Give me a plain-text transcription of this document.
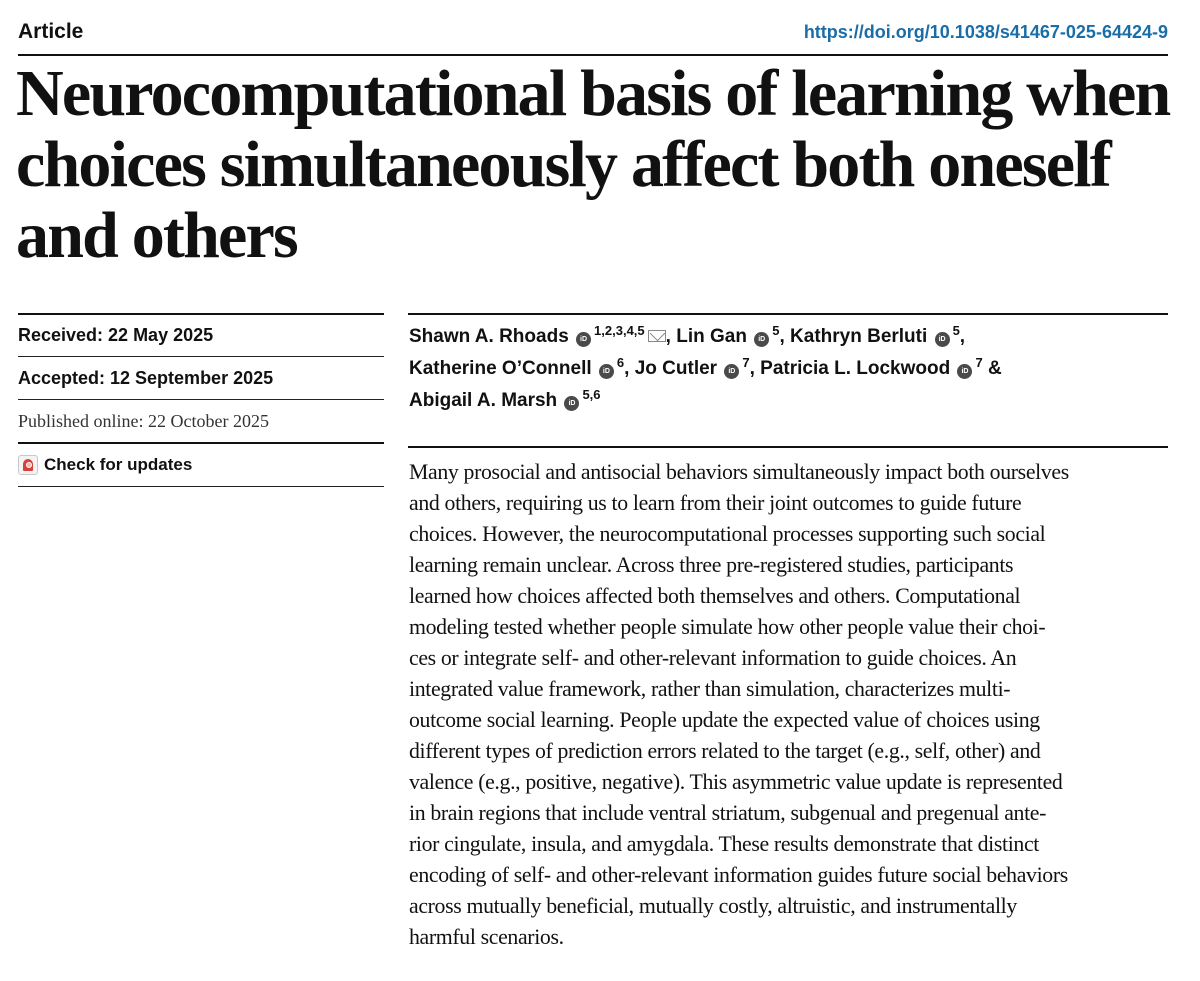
Article	https://doi.org/10.1038/s41467-025-64424-9
Neurocomputational basis of learning when
choices simultaneously affect both oneself
and others
Received: 22 May 2025
Accepted: 12 September 2025
Published online: 22 October 2025
Check for updates
Shawn A. Rhoads iD$^{1,2,3,4,5}$ , Lin Gan iD$^5$, Kathryn Berluti iD$^5$,
Katherine O’Connell iD$^6$, Jo Cutler iD$^7$, Patricia L. Lockwood iD$^7$ &
Abigail A. Marsh iD$^{5,6}$
Many prosocial and antisocial behaviors simultaneously impact both ourselves
and others, requiring us to learn from their joint outcomes to guide future
choices. However, the neurocomputational processes supporting such social
learning remain unclear. Across three pre-registered studies, participants
learned how choices affected both themselves and others. Computational
modeling tested whether people simulate how other people value their choi-
ces or integrate self- and other-relevant information to guide choices. An
integrated value framework, rather than simulation, characterizes multi-
outcome social learning. People update the expected value of choices using
different types of prediction errors related to the target (e.g., self, other) and
valence (e.g., positive, negative). This asymmetric value update is represented
in brain regions that include ventral striatum, subgenual and pregenual ante-
rior cingulate, insula, and amygdala. These results demonstrate that distinct
encoding of self- and other-relevant information guides future social behaviors
across mutually beneficial, mutually costly, altruistic, and instrumentally
harmful scenarios.
